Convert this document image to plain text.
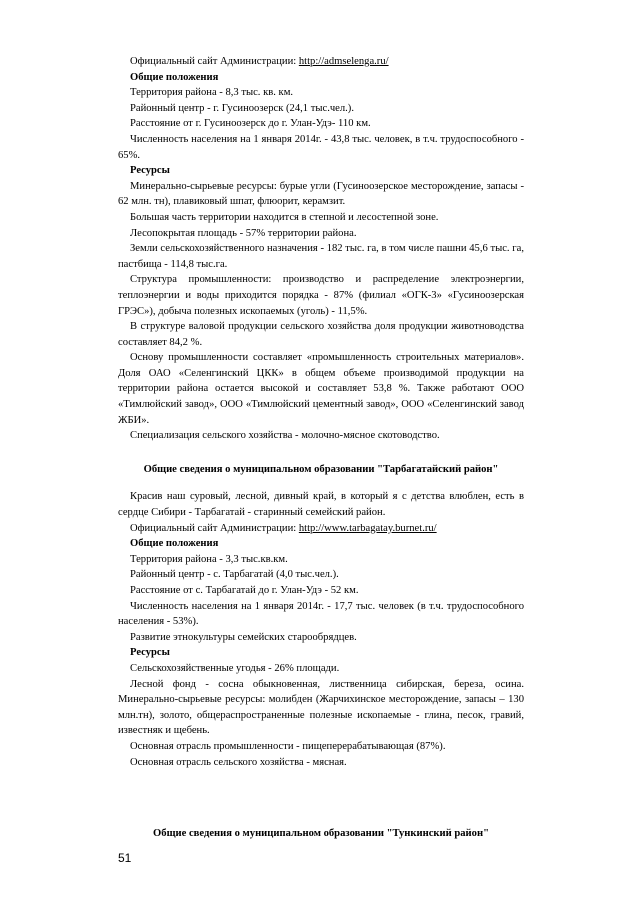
Официальный сайт Администрации: http://admselenga.ru/

Общие положения

Территория района - 8,3 тыс. кв. км.

Районный центр - г. Гусиноозерск (24,1 тыс.чел.).

Расстояние от г. Гусиноозерск до г. Улан-Удэ- 110 км.

Численность населения на 1 января 2014г. - 43,8 тыс. человек, в т.ч. трудоспособного - 65%.

Ресурсы

Минерально-сырьевые ресурсы: бурые угли (Гусиноозерское месторождение, запасы - 62 млн. тн), плавиковый шпат, флюорит, керамзит.

Большая часть территории находится в степной и лесостепной зоне.

Лесопокрытая площадь - 57% территории района.

Земли сельскохозяйственного назначения - 182 тыс. га, в том числе пашни 45,6 тыс. га, пастбища - 114,8 тыс.га.

Структура промышленности: производство и распределение электроэнергии, теплоэнергии и воды приходится порядка - 87% (филиал «ОГК-3» «Гусиноозерская ГРЭС»), добыча полезных ископаемых (уголь) - 11,5%.

В структуре валовой продукции сельского хозяйства доля продукции животноводства составляет 84,2 %.

Основу промышленности составляет «промышленность строительных материалов». Доля ОАО «Селенгинский ЦКК» в общем объеме производимой продукции на территории района остается высокой и составляет 53,8 %. Также работают ООО «Тимлюйский завод», ООО «Тимлюйский цементный завод», ООО «Селенгинский завод ЖБИ».

Специализация сельского хозяйства - молочно-мясное скотоводство.

Общие сведения о муниципальном образовании "Тарбагатайский район"

Красив наш суровый, лесной, дивный край, в который я с детства влюблен, есть в сердце Сибири - Тарбагатай - старинный семейский район.

Официальный сайт Администрации: http://www.tarbagatay.burnet.ru/

Общие положения

Территория района - 3,3 тыс.кв.км.

Районный центр - с. Тарбагатай (4,0 тыс.чел.).

Расстояние от с. Тарбагатай до г. Улан-Удэ - 52 км.

Численность населения на 1 января 2014г. - 17,7 тыс. человек (в т.ч. трудоспособного населения - 53%).

Развитие этнокультуры семейских старообрядцев.

Ресурсы

Сельскохозяйственные угодья - 26% площади.

Лесной фонд - сосна обыкновенная, лиственница сибирская, береза, осина. Минерально-сырьевые ресурсы: молибден (Жарчихинское месторождение, запасы – 130 млн.тн), золото, общераспространенные полезные ископаемые - глина, песок, гравий, известняк и щебень.

Основная отрасль промышленности - пищеперерабатывающая (87%).

Основная отрасль сельского хозяйства - мясная.

Общие сведения о муниципальном образовании "Тункинский район"

51
